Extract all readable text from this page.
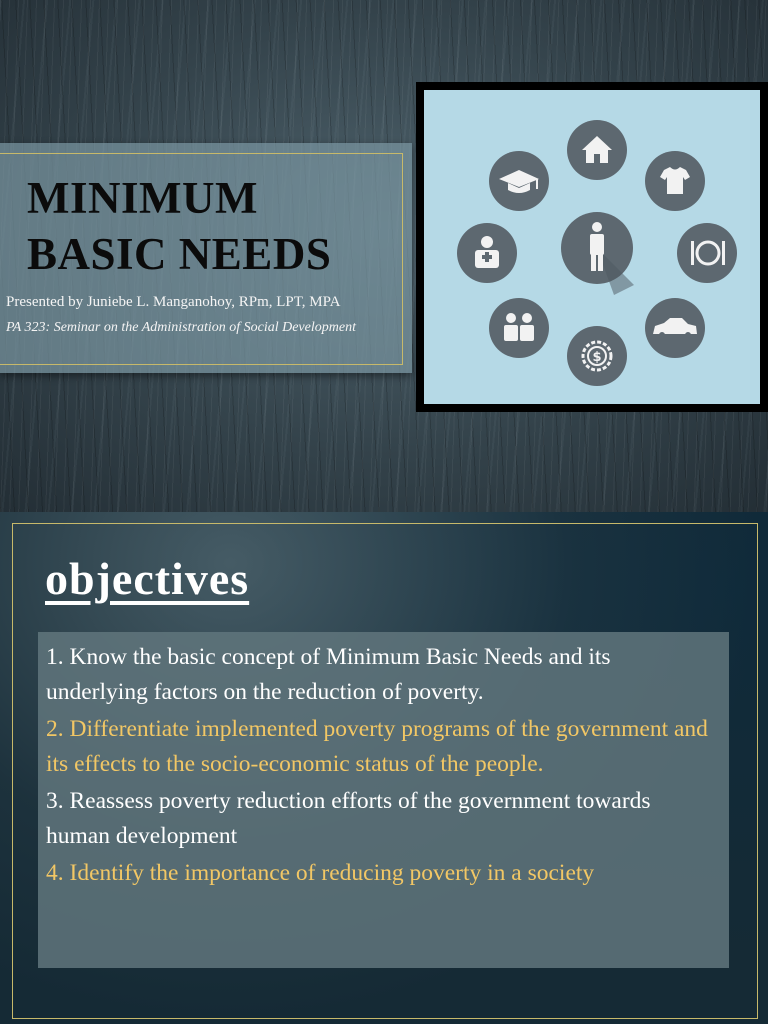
MINIMUM
BASIC NEEDS
Presented by Juniebe L. Manganohoy, RPm, LPT, MPA
PA 323: Seminar on the Administration of Social Development
$
objectives
1. Know the basic concept of Minimum Basic Needs and its underlying factors on the reduction of poverty.
2. Differentiate implemented poverty programs of the government and its effects to the socio-economic status of the people.
3. Reassess poverty reduction efforts of the government towards human development
4. Identify the importance of reducing poverty in a society
